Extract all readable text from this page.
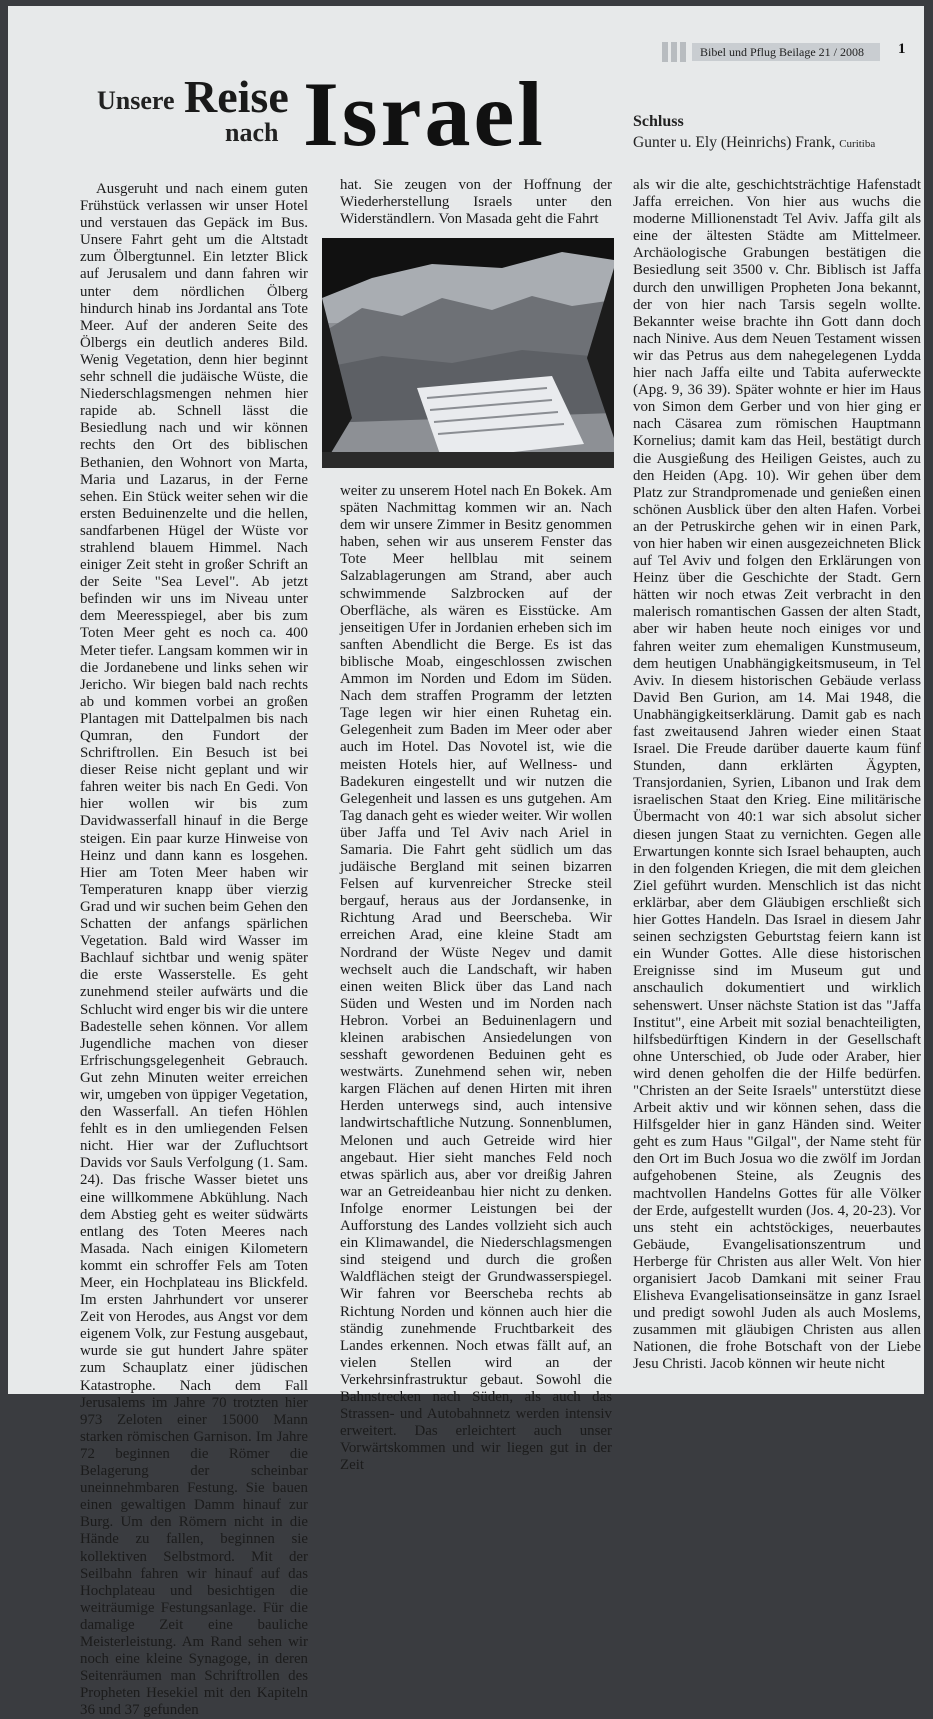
Bibel und Pflug Beilage 21 / 2008	1
Unsere Reise
nach Israel	Schluss
Gunter u. Ely (Heinrichs) Frank, Curitiba

Ausgeruht und nach einem guten Frühstück verlassen wir unser Hotel und verstauen das Gepäck im Bus. Unsere Fahrt geht um die Altstadt zum Ölbergtunnel. Ein letzter Blick auf Jerusalem und dann fahren wir unter dem nördlichen Ölberg hindurch hinab ins Jordantal ans Tote Meer. Auf der anderen Seite des Ölbergs ein deutlich anderes Bild. Wenig Vegetation, denn hier beginnt sehr schnell die judäische Wüste, die Niederschlagsmengen nehmen hier rapide ab. Schnell lässt die Besiedlung nach und wir können rechts den Ort des biblischen Bethanien, den Wohnort von Marta, Maria und Lazarus, in der Ferne sehen. Ein Stück weiter sehen wir die ersten Beduinenzelte und die hellen, sandfarbenen Hügel der Wüste vor strahlend blauem Himmel. Nach einiger Zeit steht in großer Schrift an der Seite "Sea Level". Ab jetzt befinden wir uns im Niveau unter dem Meeresspiegel, aber bis zum Toten Meer geht es noch ca. 400 Meter tiefer. Langsam kommen wir in die Jordanebene und links sehen wir Jericho. Wir biegen bald nach rechts ab und kommen vorbei an großen Plantagen mit Dattelpalmen bis nach Qumran, den Fundort der Schriftrollen. Ein Besuch ist bei dieser Reise nicht geplant und wir fahren weiter bis nach En Gedi. Von hier wollen wir bis zum Davidwasserfall hinauf in die Berge steigen. Ein paar kurze Hinweise von Heinz und dann kann es losgehen. Hier am Toten Meer haben wir Temperaturen knapp über vierzig Grad und wir suchen beim Gehen den Schatten der anfangs spärlichen Vegetation. Bald wird Wasser im Bachlauf sichtbar und wenig später die erste Wasserstelle. Es geht zunehmend steiler aufwärts und die Schlucht wird enger bis wir die untere Badestelle sehen können. Vor allem Jugendliche machen von dieser Erfrischungsgelegenheit Gebrauch. Gut zehn Minuten weiter erreichen wir, umgeben von üppiger Vegetation, den Wasserfall. An tiefen Höhlen fehlt es in den umliegenden Felsen nicht. Hier war der Zufluchtsort Davids vor Sauls Verfolgung (1. Sam. 24). Das frische Wasser bietet uns eine willkommene Abkühlung. Nach dem Abstieg geht es weiter südwärts entlang des Toten Meeres nach Masada. Nach einigen Kilometern kommt ein schroffer Fels am Toten Meer, ein Hochplateau ins Blickfeld. Im ersten Jahrhundert vor unserer Zeit von Herodes, aus Angst vor dem eigenem Volk, zur Festung ausgebaut, wurde sie gut hundert Jahre später zum Schauplatz einer jüdischen Katastrophe. Nach dem Fall Jerusalems im Jahre 70 trotzten hier 973 Zeloten einer 15000 Mann starken römischen Garnison. Im Jahre 72 beginnen die Römer die Belagerung der scheinbar uneinnehmbaren Festung. Sie bauen einen gewaltigen Damm hinauf zur Burg. Um den Römern nicht in die Hände zu fallen, beginnen sie kollektiven Selbstmord. Mit der Seilbahn fahren wir hinauf auf das Hochplateau und besichtigen die weiträumige Festungsanlage. Für die damalige Zeit eine bauliche Meisterleistung. Am Rand sehen wir noch eine kleine Synagoge, in deren Seitenräumen man Schriftrollen des Propheten Hesekiel mit den Kapiteln 36 und 37 gefunden

hat. Sie zeugen von der Hoffnung der Wiederherstellung Israels unter den Widerständlern. Von Masada geht die Fahrt

weiter zu unserem Hotel nach En Bokek. Am späten Nachmittag kommen wir an. Nach dem wir unsere Zimmer in Besitz genommen haben, sehen wir aus unserem Fenster das Tote Meer hellblau mit seinem Salzablagerungen am Strand, aber auch schwimmende Salzbrocken auf der Oberfläche, als wären es Eisstücke. Am jenseitigen Ufer in Jordanien erheben sich im sanften Abendlicht die Berge. Es ist das biblische Moab, eingeschlossen zwischen Ammon im Norden und Edom im Süden. Nach dem straffen Programm der letzten Tage legen wir hier einen Ruhetag ein. Gelegenheit zum Baden im Meer oder aber auch im Hotel. Das Novotel ist, wie die meisten Hotels hier, auf Wellness- und Badekuren eingestellt und wir nutzen die Gelegenheit und lassen es uns gutgehen. Am Tag danach geht es wieder weiter. Wir wollen über Jaffa und Tel Aviv nach Ariel in Samaria. Die Fahrt geht südlich um das judäische Bergland mit seinen bizarren Felsen auf kurvenreicher Strecke steil bergauf, heraus aus der Jordansenke, in Richtung Arad und Beerscheba. Wir erreichen Arad, eine kleine Stadt am Nordrand der Wüste Negev und damit wechselt auch die Landschaft, wir haben einen weiten Blick über das Land nach Süden und Westen und im Norden nach Hebron. Vorbei an Beduinenlagern und kleinen arabischen Ansiedelungen von sesshaft gewordenen Beduinen geht es westwärts. Zunehmend sehen wir, neben kargen Flächen auf denen Hirten mit ihren Herden unterwegs sind, auch intensive landwirtschaftliche Nutzung. Sonnenblumen, Melonen und auch Getreide wird hier angebaut. Hier sieht manches Feld noch etwas spärlich aus, aber vor dreißig Jahren war an Getreideanbau hier nicht zu denken. Infolge enormer Leistungen bei der Aufforstung des Landes vollzieht sich auch ein Klimawandel, die Niederschlagsmengen sind steigend und durch die großen Waldflächen steigt der Grundwasserspiegel. Wir fahren vor Beerscheba rechts ab Richtung Norden und können auch hier die ständig zunehmende Fruchtbarkeit des Landes erkennen. Noch etwas fällt auf, an vielen Stellen wird an der Verkehrsinfrastruktur gebaut. Sowohl die Bahnstrecken nach Süden, als auch das Strassen- und Autobahnnetz werden intensiv erweitert. Das erleichtert auch unser Vorwärtskommen und wir liegen gut in der Zeit

als wir die alte, geschichtsträchtige Hafenstadt Jaffa erreichen. Von hier aus wuchs die moderne Millionenstadt Tel Aviv. Jaffa gilt als eine der ältesten Städte am Mittelmeer. Archäologische Grabungen bestätigen die Besiedlung seit 3500 v. Chr. Biblisch ist Jaffa durch den unwilligen Propheten Jona bekannt, der von hier nach Tarsis segeln wollte. Bekannter weise brachte ihn Gott dann doch nach Ninive. Aus dem Neuen Testament wissen wir das Petrus aus dem nahegelegenen Lydda hier nach Jaffa eilte und Tabita auferweckte (Apg. 9, 36 39). Später wohnte er hier im Haus von Simon dem Gerber und von hier ging er nach Cäsarea zum römischen Hauptmann Kornelius; damit kam das Heil, bestätigt durch die Ausgießung des Heiligen Geistes, auch zu den Heiden (Apg. 10). Wir gehen über dem Platz zur Strandpromenade und genießen einen schönen Ausblick über den alten Hafen. Vorbei an der Petruskirche gehen wir in einen Park, von hier haben wir einen ausgezeichneten Blick auf Tel Aviv und folgen den Erklärungen von Heinz über die Geschichte der Stadt. Gern hätten wir noch etwas Zeit verbracht in den malerisch romantischen Gassen der alten Stadt, aber wir haben heute noch einiges vor und fahren weiter zum ehemaligen Kunstmuseum, dem heutigen Unabhängigkeitsmuseum, in Tel Aviv. In diesem historischen Gebäude verlass David Ben Gurion, am 14. Mai 1948, die Unabhängigkeitserklärung. Damit gab es nach fast zweitausend Jahren wieder einen Staat Israel. Die Freude darüber dauerte kaum fünf Stunden, dann erklärten Ägypten, Transjordanien, Syrien, Libanon und Irak dem israelischen Staat den Krieg. Eine militärische Übermacht von 40:1 war sich absolut sicher diesen jungen Staat zu vernichten. Gegen alle Erwartungen konnte sich Israel behaupten, auch in den folgenden Kriegen, die mit dem gleichen Ziel geführt wurden. Menschlich ist das nicht erklärbar, aber dem Gläubigen erschließt sich hier Gottes Handeln. Das Israel in diesem Jahr seinen sechzigsten Geburtstag feiern kann ist ein Wunder Gottes. Alle diese historischen Ereignisse sind im Museum gut und anschaulich dokumentiert und wirklich sehenswert. Unser nächste Station ist das "Jaffa Institut", eine Arbeit mit sozial benachteiligten, hilfsbedürftigen Kindern in der Gesellschaft ohne Unterschied, ob Jude oder Araber, hier wird denen geholfen die der Hilfe bedürfen. "Christen an der Seite Israels" unterstützt diese Arbeit aktiv und wir können sehen, dass die Hilfsgelder hier in ganz Händen sind. Weiter geht es zum Haus "Gilgal", der Name steht für den Ort im Buch Josua wo die zwölf im Jordan aufgehobenen Steine, als Zeugnis des machtvollen Handelns Gottes für alle Völker der Erde, aufgestellt wurden (Jos. 4, 20-23). Vor uns steht ein achtstöckiges, neuerbautes Gebäude, Evangelisationszentrum und Herberge für Christen aus aller Welt. Von hier organisiert Jacob Damkani mit seiner Frau Elisheva Evangelisationseinsätze in ganz Israel und predigt sowohl Juden als auch Moslems, zusammen mit gläubigen Christen aus allen Nationen, die frohe Botschaft von der Liebe Jesu Christi. Jacob können wir heute nicht
